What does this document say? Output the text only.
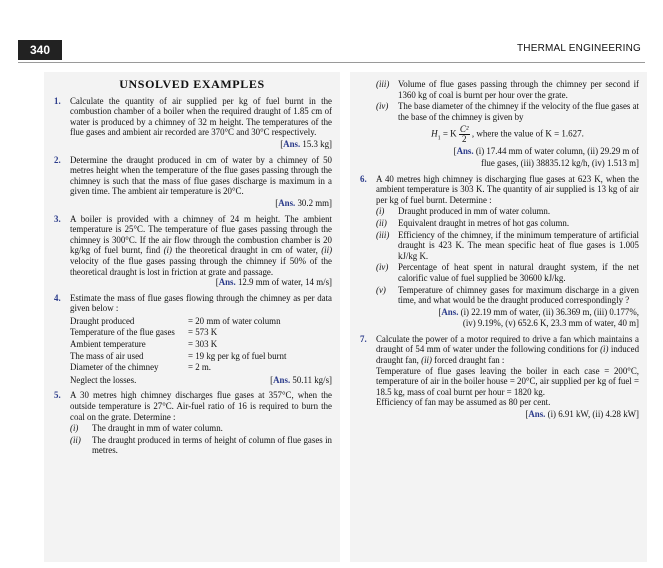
340	THERMAL ENGINEERING
UNSOLVED EXAMPLES
1. Calculate the quantity of air supplied per kg of fuel burnt in the combustion chamber of a boiler when the required draught of 1.85 cm of water is produced by a chimney of 32 m height. The temperatures of the flue gases and ambient air recorded are 370°C and 30°C respectively.

[Ans. 15.3 kg]

2. Determine the draught produced in cm of water by a chimney of 50 metres height when the temperature of the flue gases passing through the chimney is such that the mass of flue gases discharge is maximum in a given time. The ambient air temperature is 20°C.

[Ans. 30.2 mm]

3. A boiler is provided with a chimney of 24 m height. The ambient temperature is 25°C. The temperature of flue gases passing through the chimney is 300°C. If the air flow through the combustion chamber is 20 kg/kg of fuel burnt, find (i) the theoretical draught in cm of water, (ii) velocity of the flue gases passing through the chimney if 50% of the theoretical draught is lost in friction at grate and passage.
[Ans. 12.9 mm of water, 14 m/s]

4. Estimate the mass of flue gases flowing through the chimney as per data given below :

Draught produced	= 20 mm of water column
Temperature of the flue gases	= 573 K
Ambient temperature	= 303 K
The mass of air used	= 19 kg per kg of fuel burnt
Diameter of the chimney	= 2 m.
Neglect the losses.	[Ans. 50.11 kg/s]
5. A 30 metres high chimney discharges flue gases at 357°C, when the outside temperature is 27°C. Air-fuel ratio of 16 is required to burn the coal on the grate. Determine :

(i) The draught in mm of water column.
(ii) The draught produced in terms of height of column of flue gases in metres.
(iii) Volume of flue gases passing through the chimney per second if 1360 kg of coal is burnt per hour over the grate.
(iv) The base diameter of the chimney if the velocity of the flue gases at the base of the chimney is given by
$H_1 = K \frac{\text{C²}}{2}$ , where the value of K = 1.627.

[Ans. (i) 17.44 mm of water column, (ii) 29.29 m of

flue gases, (iii) 38835.12 kg/h, (iv) 1.513 m]

6. A 40 metres high chimney is discharging flue gases at 623 K, when the ambient temperature is 303 K. The quantity of air supplied is 13 kg of air per kg of fuel burnt. Determine :

(i) Draught produced in mm of water column.
(ii) Equivalent draught in metres of hot gas column.
(iii) Efficiency of the chimney, if the minimum temperature of artificial draught is 423 K. The mean specific heat of flue gases is 1.005 kJ/kg K.
(iv) Percentage of heat spent in natural draught system, if the net calorific value of fuel supplied be 30600 kJ/kg.
(v) Temperature of chimney gases for maximum discharge in a given time, and what would be the draught produced correspondingly ?

[Ans. (i) 22.19 mm of water, (ii) 36.369 m, (iii) 0.177%,

(iv) 9.19%, (v) 652.6 K, 23.3 mm of water, 40 m]

7. Calculate the power of a motor required to drive a fan which maintains a draught of 54 mm of water under the following conditions for (i) induced draught fan, (ii) forced draught fan :

Temperature of flue gases leaving the boiler in each case = 200°C, temperature of air in the boiler house = 20°C, air supplied per kg of fuel = 18.5 kg, mass of coal burnt per hour = 1820 kg.

Efficiency of fan may be assumed as 80 per cent.

[Ans. (i) 6.91 kW, (ii) 4.28 kW]
